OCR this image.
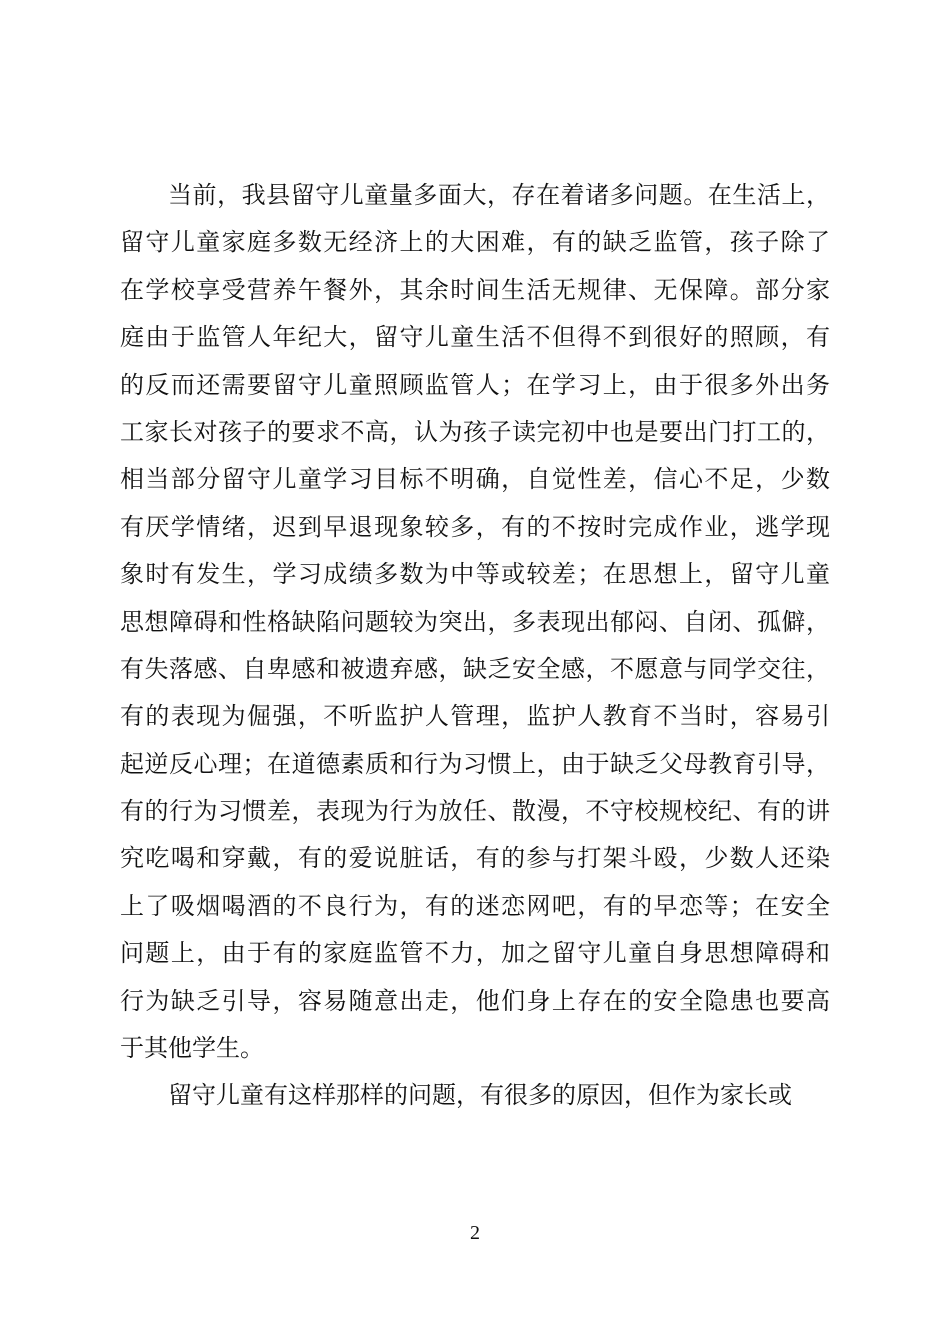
当前，我县留守儿童量多面大，存在着诸多问题。在生活上，
留守儿童家庭多数无经济上的大困难，有的缺乏监管，孩子除了
在学校享受营养午餐外，其余时间生活无规律、无保障。部分家
庭由于监管人年纪大，留守儿童生活不但得不到很好的照顾，有
的反而还需要留守儿童照顾监管人；在学习上，由于很多外出务
工家长对孩子的要求不高，认为孩子读完初中也是要出门打工的，
相当部分留守儿童学习目标不明确，自觉性差，信心不足，少数
有厌学情绪，迟到早退现象较多，有的不按时完成作业，逃学现
象时有发生，学习成绩多数为中等或较差；在思想上，留守儿童
思想障碍和性格缺陷问题较为突出，多表现出郁闷、自闭、孤僻，
有失落感、自卑感和被遗弃感，缺乏安全感，不愿意与同学交往，
有的表现为倔强，不听监护人管理，监护人教育不当时，容易引
起逆反心理；在道德素质和行为习惯上，由于缺乏父母教育引导，
有的行为习惯差，表现为行为放任、散漫，不守校规校纪、有的讲
究吃喝和穿戴，有的爱说脏话，有的参与打架斗殴，少数人还染
上了吸烟喝酒的不良行为，有的迷恋网吧，有的早恋等；在安全
问题上，由于有的家庭监管不力，加之留守儿童自身思想障碍和
行为缺乏引导，容易随意出走，他们身上存在的安全隐患也要高
于其他学生。
留守儿童有这样那样的问题，有很多的原因，但作为家长或
2
